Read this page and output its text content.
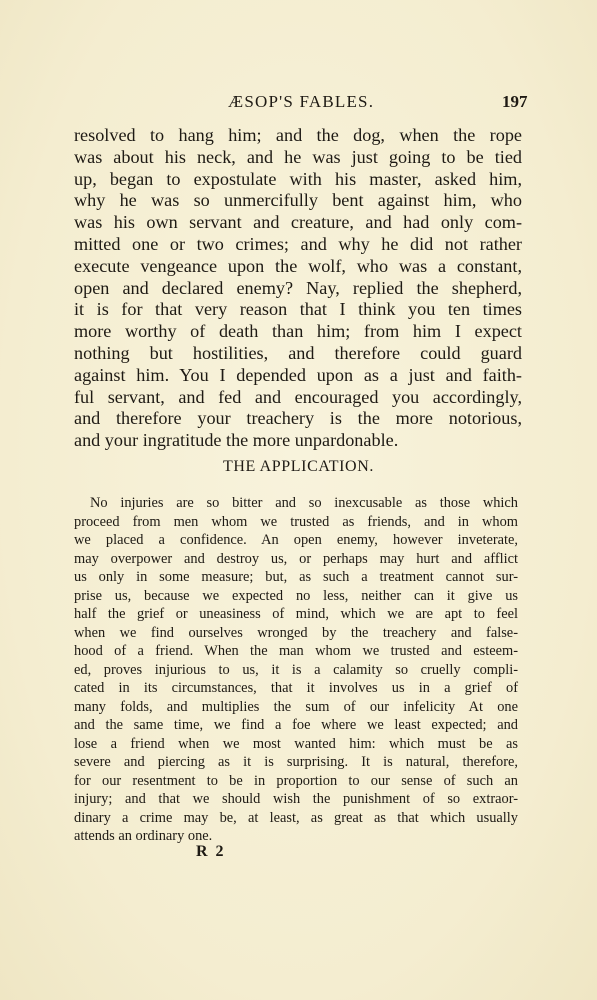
ÆSOP'S FABLES.	197
resolved to hang him; and the dog, when the rope
was about his neck, and he was just going to be tied
up, began to expostulate with his master, asked him,
why he was so unmercifully bent against him, who
was his own servant and creature, and had only com-
mitted one or two crimes; and why he did not rather
execute vengeance upon the wolf, who was a constant,
open and declared enemy? Nay, replied the shepherd,
it is for that very reason that I think you ten times
more worthy of death than him; from him I expect
nothing but hostilities, and therefore could guard
against him. You I depended upon as a just and faith-
ful servant, and fed and encouraged you accordingly,
and therefore your treachery is the more notorious,
and your ingratitude the more unpardonable.
THE APPLICATION.
No injuries are so bitter and so inexcusable as those which
proceed from men whom we trusted as friends, and in whom
we placed a confidence. An open enemy, however inveterate,
may overpower and destroy us, or perhaps may hurt and afflict
us only in some measure; but, as such a treatment cannot sur-
prise us, because we expected no less, neither can it give us
half the grief or uneasiness of mind, which we are apt to feel
when we find ourselves wronged by the treachery and false-
hood of a friend. When the man whom we trusted and esteem-
ed, proves injurious to us, it is a calamity so cruelly compli-
cated in its circumstances, that it involves us in a grief of
many folds, and multiplies the sum of our infelicity At one
and the same time, we find a foe where we least expected; and
lose a friend when we most wanted him: which must be as
severe and piercing as it is surprising. It is natural, therefore,
for our resentment to be in proportion to our sense of such an
injury; and that we should wish the punishment of so extraor-
dinary a crime may be, at least, as great as that which usually
attends an ordinary one.
R 2
